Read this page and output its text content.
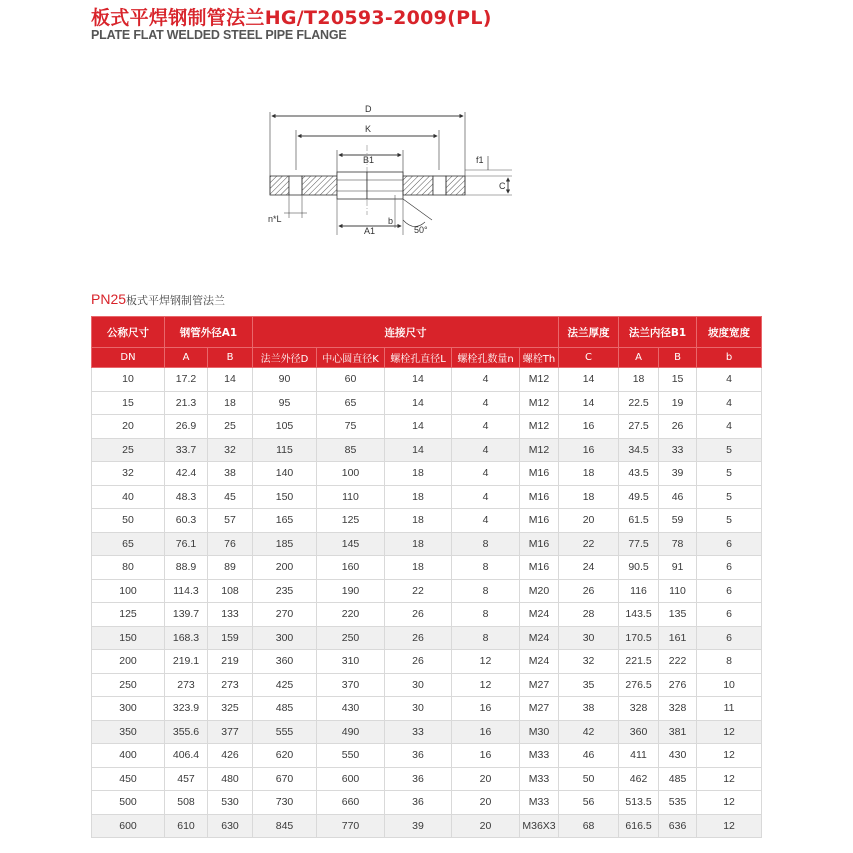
板式平焊钢制管法兰HG/T20593-2009(PL)
PLATE FLAT WELDED STEEL PIPE FLANGE
D
K
B1	f1
C
n*L
A1
b
50°
PN25板式平焊钢制管法兰
公称尺寸	钢管外径A1		连接尺寸					法兰厚度	法兰内径B1		坡度宽度
DN	A	B	法兰外径D	中心圆直径K	螺栓孔直径L	螺栓孔数量n	螺栓Th	C	A	B	b
10	17.2	14	90	60	14	4	M12	14	18	15	4
15	21.3	18	95	65	14	4	M12	14	22.5	19	4
20	26.9	25	105	75	14	4	M12	16	27.5	26	4
25	33.7	32	115	85	14	4	M12	16	34.5	33	5
32	42.4	38	140	100	18	4	M16	18	43.5	39	5
40	48.3	45	150	110	18	4	M16	18	49.5	46	5
50	60.3	57	165	125	18	4	M16	20	61.5	59	5
65	76.1	76	185	145	18	8	M16	22	77.5	78	6
80	88.9	89	200	160	18	8	M16	24	90.5	91	6
100	114.3	108	235	190	22	8	M20	26	116	110	6
125	139.7	133	270	220	26	8	M24	28	143.5	135	6
150	168.3	159	300	250	26	8	M24	30	170.5	161	6
200	219.1	219	360	310	26	12	M24	32	221.5	222	8
250	273	273	425	370	30	12	M27	35	276.5	276	10
300	323.9	325	485	430	30	16	M27	38	328	328	11
350	355.6	377	555	490	33	16	M30	42	360	381	12
400	406.4	426	620	550	36	16	M33	46	411	430	12
450	457	480	670	600	36	20	M33	50	462	485	12
500	508	530	730	660	36	20	M33	56	513.5	535	12
600	610	630	845	770	39	20	M36X3	68	616.5	636	12
